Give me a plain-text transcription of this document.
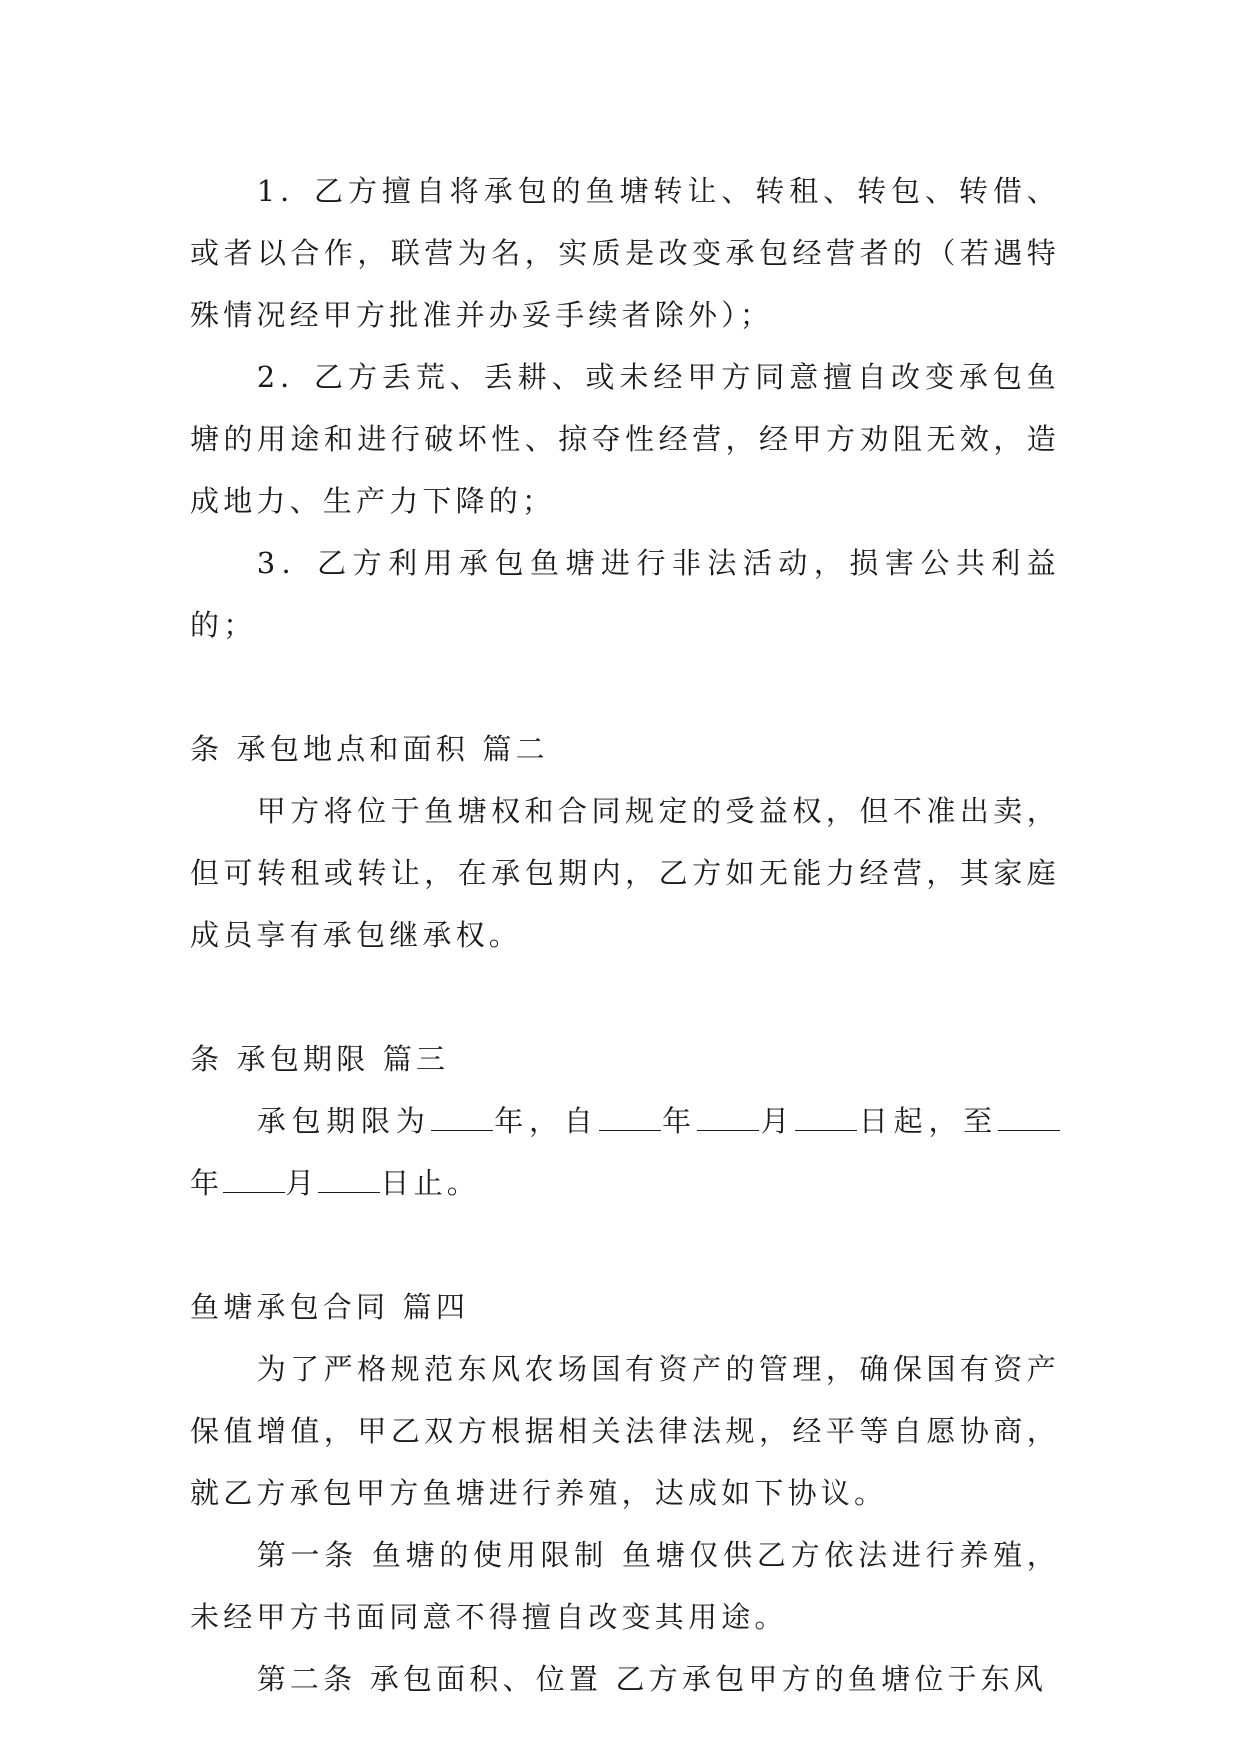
1．乙方擅自将承包的鱼塘转让、转租、转包、转借、或者以合作，联营为名，实质是改变承包经营者的（若遇特殊情况经甲方批准并办妥手续者除外）；

2．乙方丢荒、丢耕、或未经甲方同意擅自改变承包鱼塘的用途和进行破坏性、掠夺性经营，经甲方劝阻无效，造成地力、生产力下降的；

3．乙方利用承包鱼塘进行非法活动，损害公共利益的；

条 承包地点和面积 篇二

甲方将位于鱼塘权和合同规定的受益权，但不准出卖，但可转租或转让，在承包期内，乙方如无能力经营，其家庭成员享有承包继承权。

条 承包期限 篇三

承包期限为 年，自 年 月 日起，至年 月 日止。

鱼塘承包合同 篇四

为了严格规范东风农场国有资产的管理，确保国有资产保值增值，甲乙双方根据相关法律法规，经平等自愿协商，就乙方承包甲方鱼塘进行养殖，达成如下协议。

第一条 鱼塘的使用限制 鱼塘仅供乙方依法进行养殖，未经甲方书面同意不得擅自改变其用途。

第二条 承包面积、位置 乙方承包甲方的鱼塘位于东风
